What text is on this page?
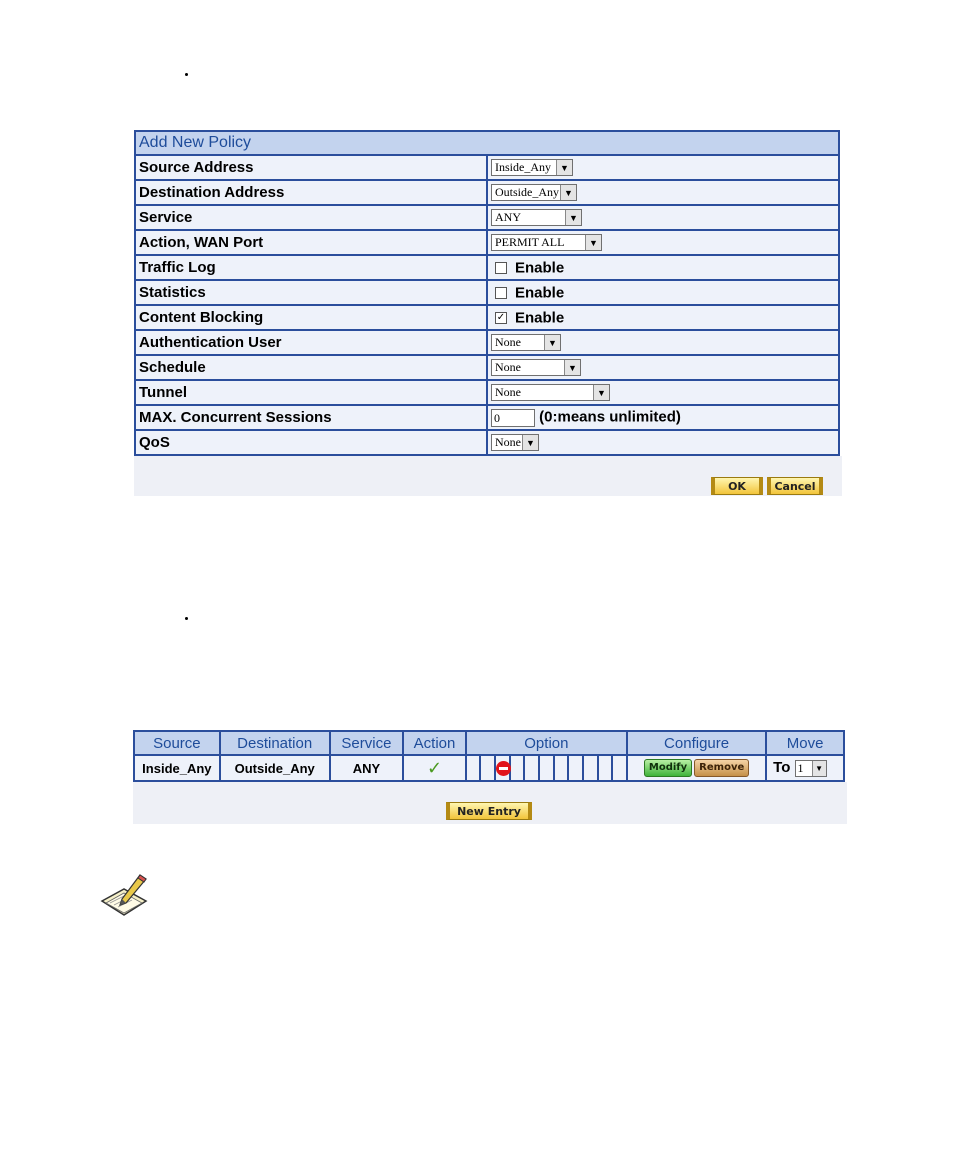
Add New Policy	
Source Address	Inside_Any ▼

Destination Address	Outside_Any ▼

Service	ANY ▼

Action, WAN Port	PERMIT ALL ▼

Traffic Log	Enable
Statistics	Enable
Content Blocking	✓ Enable
Authentication User	None ▼

Schedule	None ▼

Tunnel	None ▼

MAX. Concurrent Sessions	0 (0:means unlimited)
QoS	None ▼
OK	Cancel
Source	Destination	Service	Action	Option											Configure	Move
Inside_Any	Outside_Any	ANY	✓												Modify Remove	To 1 ▼
New Entry
